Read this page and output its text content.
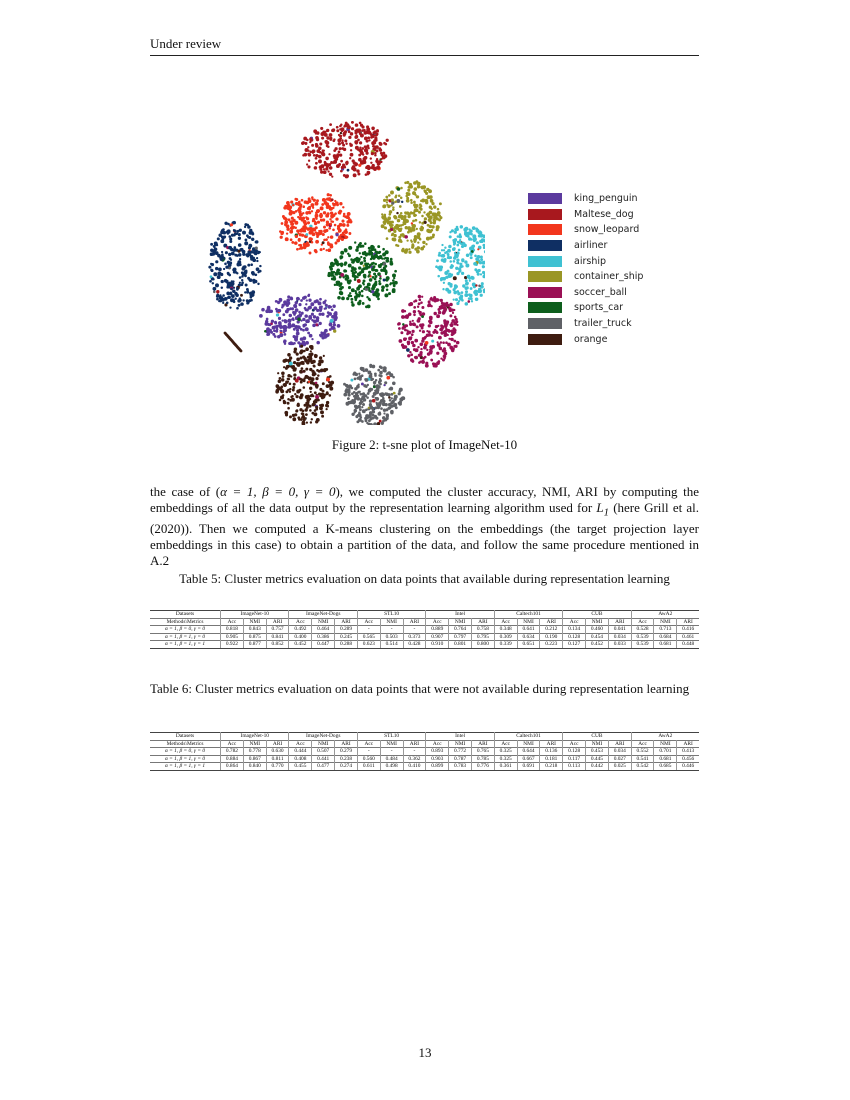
Under review
king_penguin
Maltese_dog
snow_leopard
airliner
airship
container_ship
soccer_ball
sports_car
trailer_truck
orange
Figure 2: t-sne plot of ImageNet-10
the case of (α = 1, β = 0, γ = 0), we computed the cluster accuracy, NMI, ARI by computing the embeddings of all the data output by the representation learning algorithm used for $L_1$ (here Grill et al. (2020)). Then we computed a K-means clustering on the embeddings (the target projection layer embeddings in this case) to obtain a partition of the data, and follow the same procedure mentioned in A.2
Table 5: Cluster metrics evaluation on data points that available during representation learning
Datasets	ImageNet-10			ImageNet-Dogs			STL10			Intel			Caltech101			CUB			AwA2		
Methods\Metrics	Acc	NMI	ARI	Acc	NMI	ARI	Acc	NMI	ARI	Acc	NMI	ARI	Acc	NMI	ARI	Acc	NMI	ARI	Acc	NMI	ARI
α = 1, β = 0, γ = 0	0.818	0.843	0.757	0.492	0.464	0.289	-	-	-	0.889	0.764	0.758	0.348	0.641	0.212	0.134	0.460	0.041	0.528	0.713	0.416
α = 1, β = 1, γ = 0	0.905	0.875	0.841	0.400	0.386	0.245	0.565	0.503	0.373	0.907	0.797	0.795	0.309	0.634	0.190	0.128	0.454	0.034	0.539	0.684	0.461
α = 1, β = 1, γ = 1	0.922	0.877	0.852	0.452	0.447	0.288	0.623	0.514	0.428	0.910	0.801	0.800	0.339	0.651	0.223	0.127	0.452	0.033	0.539	0.681	0.448
Table 6: Cluster metrics evaluation on data points that were not available during representation learning
Datasets	ImageNet-10			ImageNet-Dogs			STL10			Intel			Caltech101			CUB			AwA2		
Methods\Metrics	Acc	NMI	ARI	Acc	NMI	ARI	Acc	NMI	ARI	Acc	NMI	ARI	Acc	NMI	ARI	Acc	NMI	ARI	Acc	NMI	ARI
α = 1, β = 0, γ = 0	0.782	0.778	0.630	0.444	0.507	0.279	-	-	-	0.893	0.772	0.765	0.325	0.644	0.136	0.128	0.453	0.034	0.552	0.701	0.413
α = 1, β = 1, γ = 0	0.884	0.867	0.811	0.408	0.441	0.238	0.560	0.484	0.362	0.903	0.787	0.785	0.325	0.667	0.181	0.117	0.445	0.027	0.541	0.681	0.456
α = 1, β = 1, γ = 1	0.864	0.840	0.770	0.455	0.477	0.274	0.611	0.498	0.410	0.899	0.783	0.776	0.361	0.691	0.218	0.113	0.442	0.025	0.542	0.685	0.446
13
